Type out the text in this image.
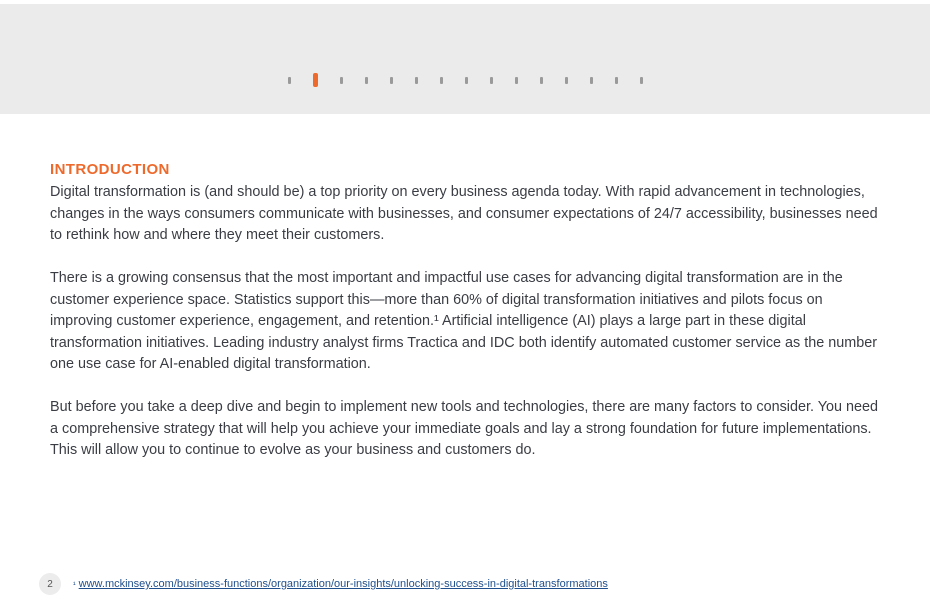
INTRODUCTION

Digital transformation is (and should be) a top priority on every business agenda today. With rapid advancement in technologies, changes in the ways consumers communicate with businesses, and consumer expectations of 24/7 accessibility, businesses need to rethink how and where they meet their customers.

There is a growing consensus that the most important and impactful use cases for advancing digital transformation are in the customer experience space. Statistics support this—more than 60% of digital transformation initiatives and pilots focus on improving customer experience, engagement, and retention.¹ Artificial intelligence (AI) plays a large part in these digital transformation initiatives. Leading industry analyst firms Tractica and IDC both identify automated customer service as the number one use case for AI-enabled digital transformation.

But before you take a deep dive and begin to implement new tools and technologies, there are many factors to consider. You need a comprehensive strategy that will help you achieve your immediate goals and lay a strong foundation for future implementations. This will allow you to continue to evolve as your business and customers do.

2	¹ www.mckinsey.com/business-functions/organization/our-insights/unlocking-success-in-digital-transformations
